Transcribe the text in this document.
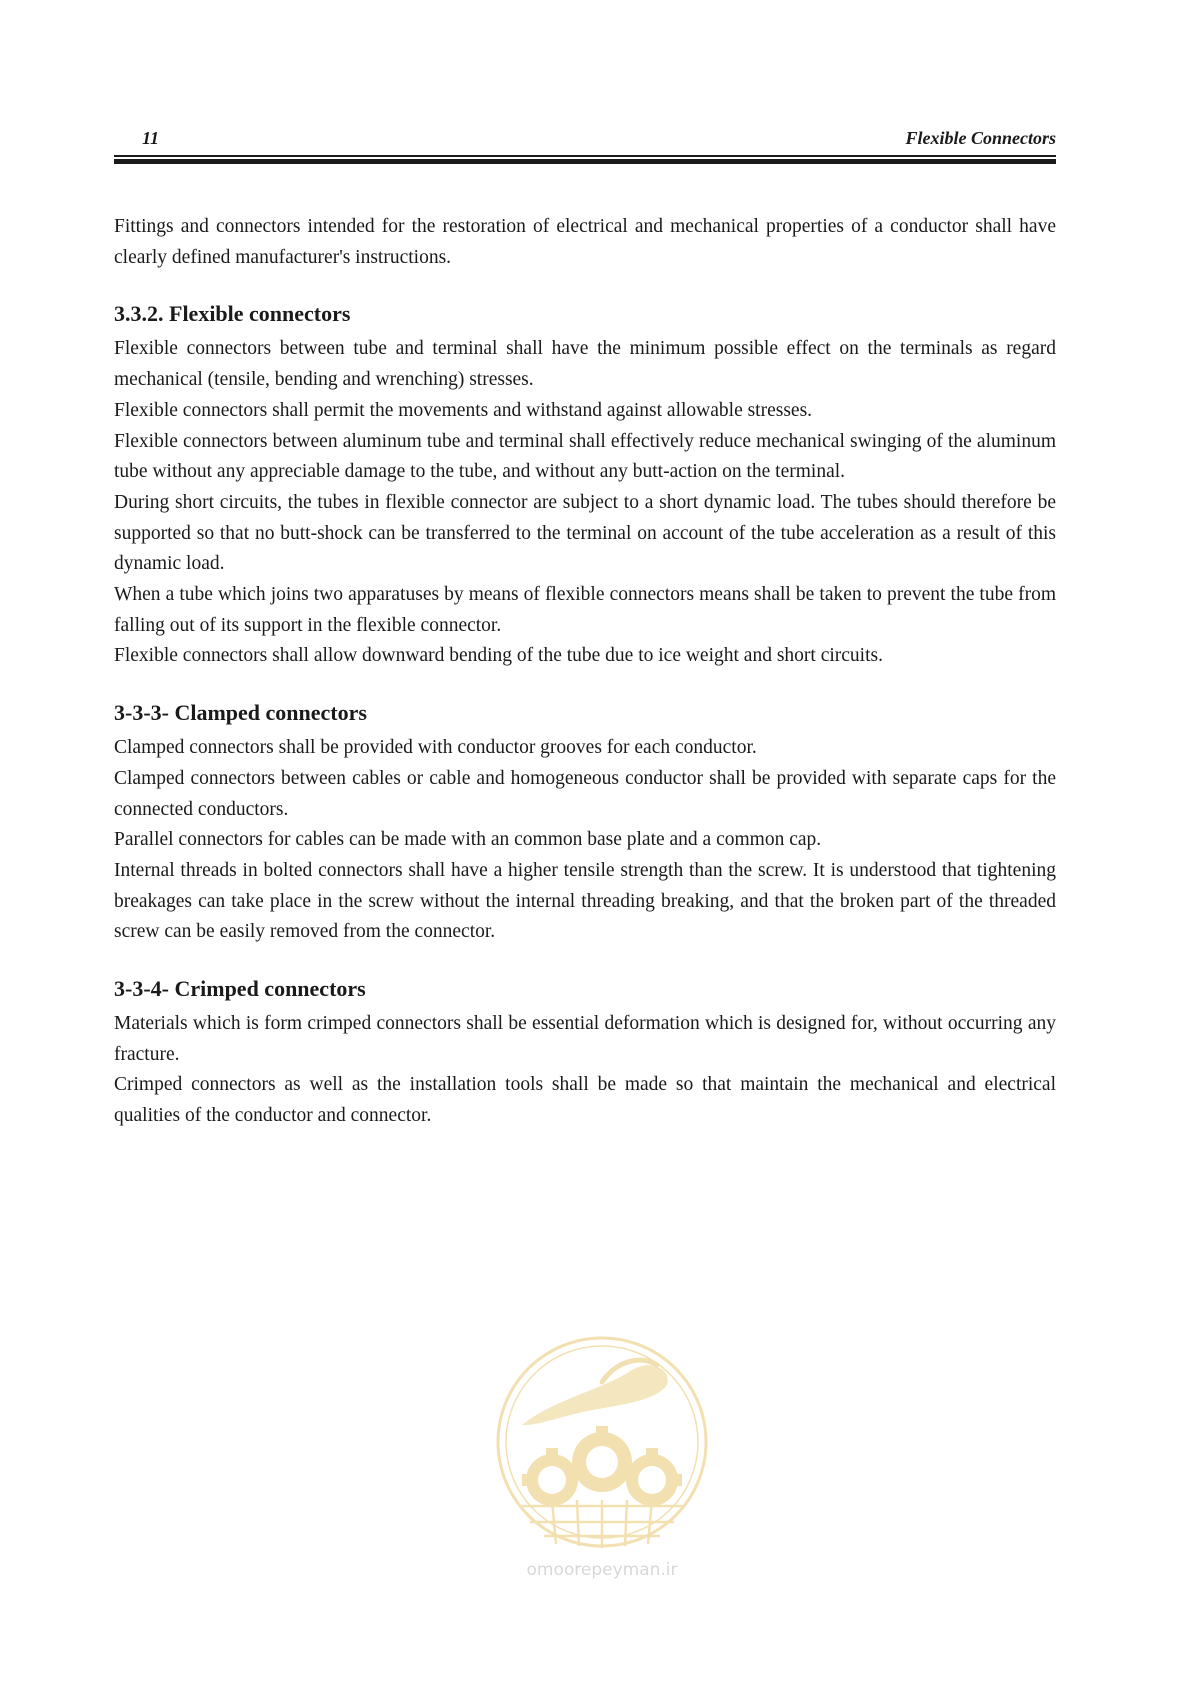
11	Flexible Connectors

Fittings and connectors intended for the restoration of electrical and mechanical properties of a conductor shall have clearly defined manufacturer's instructions.

3.3.2. Flexible connectors

Flexible connectors between tube and terminal shall have the minimum possible effect on the terminals as regard mechanical (tensile, bending and wrenching) stresses.

Flexible connectors shall permit the movements and withstand against allowable stresses.

Flexible connectors between aluminum tube and terminal shall effectively reduce mechanical swinging of the aluminum tube without any appreciable damage to the tube, and without any butt-action on the terminal.

During short circuits, the tubes in flexible connector are subject to a short dynamic load. The tubes should therefore be supported so that no butt-shock can be transferred to the terminal on account of the tube acceleration as a result of this dynamic load.

When a tube which joins two apparatuses by means of flexible connectors means shall be taken to prevent the tube from falling out of its support in the flexible connector.

Flexible connectors shall allow downward bending of the tube due to ice weight and short circuits.

3-3-3- Clamped connectors

Clamped connectors shall be provided with conductor grooves for each conductor.

Clamped connectors between cables or cable and homogeneous conductor shall be provided with separate caps for the connected conductors.

Parallel connectors for cables can be made with an common base plate and a common cap.

Internal threads in bolted connectors shall have a higher tensile strength than the screw. It is understood that tightening breakages can take place in the screw without the internal threading breaking, and that the broken part of the threaded screw can be easily removed from the connector.

3-3-4- Crimped connectors

Materials which is form crimped connectors shall be essential deformation which is designed for, without occurring any fracture.

Crimped connectors as well as the installation tools shall be made so that maintain the mechanical and electrical qualities of the conductor and connector.

omoorepeyman.ir
